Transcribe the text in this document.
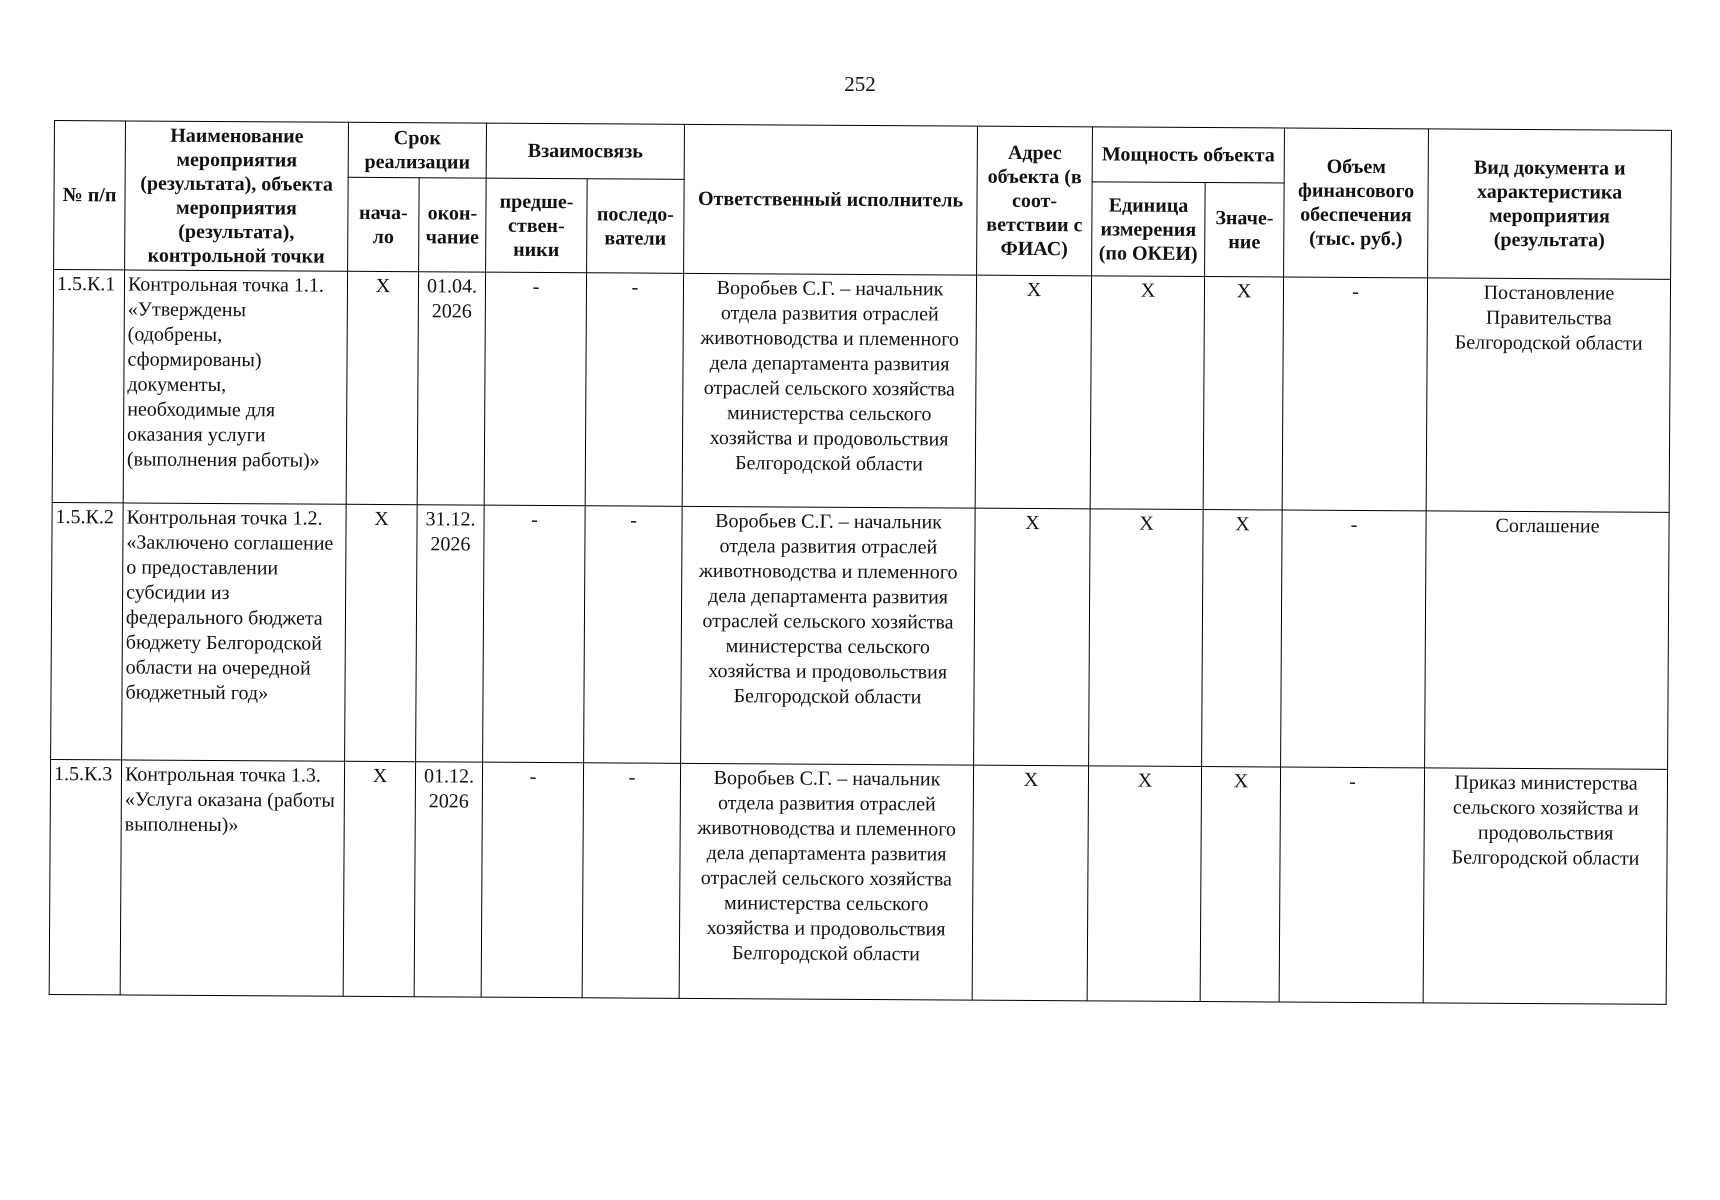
252
№ п/п	Наименование мероприятия (результата), объекта мероприятия (результата), контрольной точки	Срок реализации		Взаимосвязь		Ответственный исполнитель	Адрес объекта (в соот-ветствии с ФИАС)	Мощность объекта		Объем финансового обеспечения (тыс. руб.)	Вид документа и характеристика мероприятия (результата)
		нача-ло	окон-чание	предше-ствен-ники	последо-ватели			Единица измерения (по ОКЕИ)	Значе-ние		
1.5.К.1	Контрольная точка 1.1. «Утверждены (одобрены, сформированы) документы, необходимые для оказания услуги (выполнения работы)»	X	01.04. 2026	-	-	Воробьев С.Г. – начальник отдела развития отраслей животноводства и племенного дела департамента развития отраслей сельского хозяйства министерства сельского хозяйства и продовольствия Белгородской области	X	X	X	-	Постановление Правительства Белгородской области
1.5.К.2	Контрольная точка 1.2. «Заключено соглашение о предоставлении субсидии из федерального бюджета бюджету Белгородской области на очередной бюджетный год»	X	31.12. 2026	-	-	Воробьев С.Г. – начальник отдела развития отраслей животноводства и племенного дела департамента развития отраслей сельского хозяйства министерства сельского хозяйства и продовольствия Белгородской области	X	X	X	-	Соглашение
1.5.К.3	Контрольная точка 1.3. «Услуга оказана (работы выполнены)»	X	01.12. 2026	-	-	Воробьев С.Г. – начальник отдела развития отраслей животноводства и племенного дела департамента развития отраслей сельского хозяйства министерства сельского хозяйства и продовольствия Белгородской области	X	X	X	-	Приказ министерства сельского хозяйства и продовольствия Белгородской области
